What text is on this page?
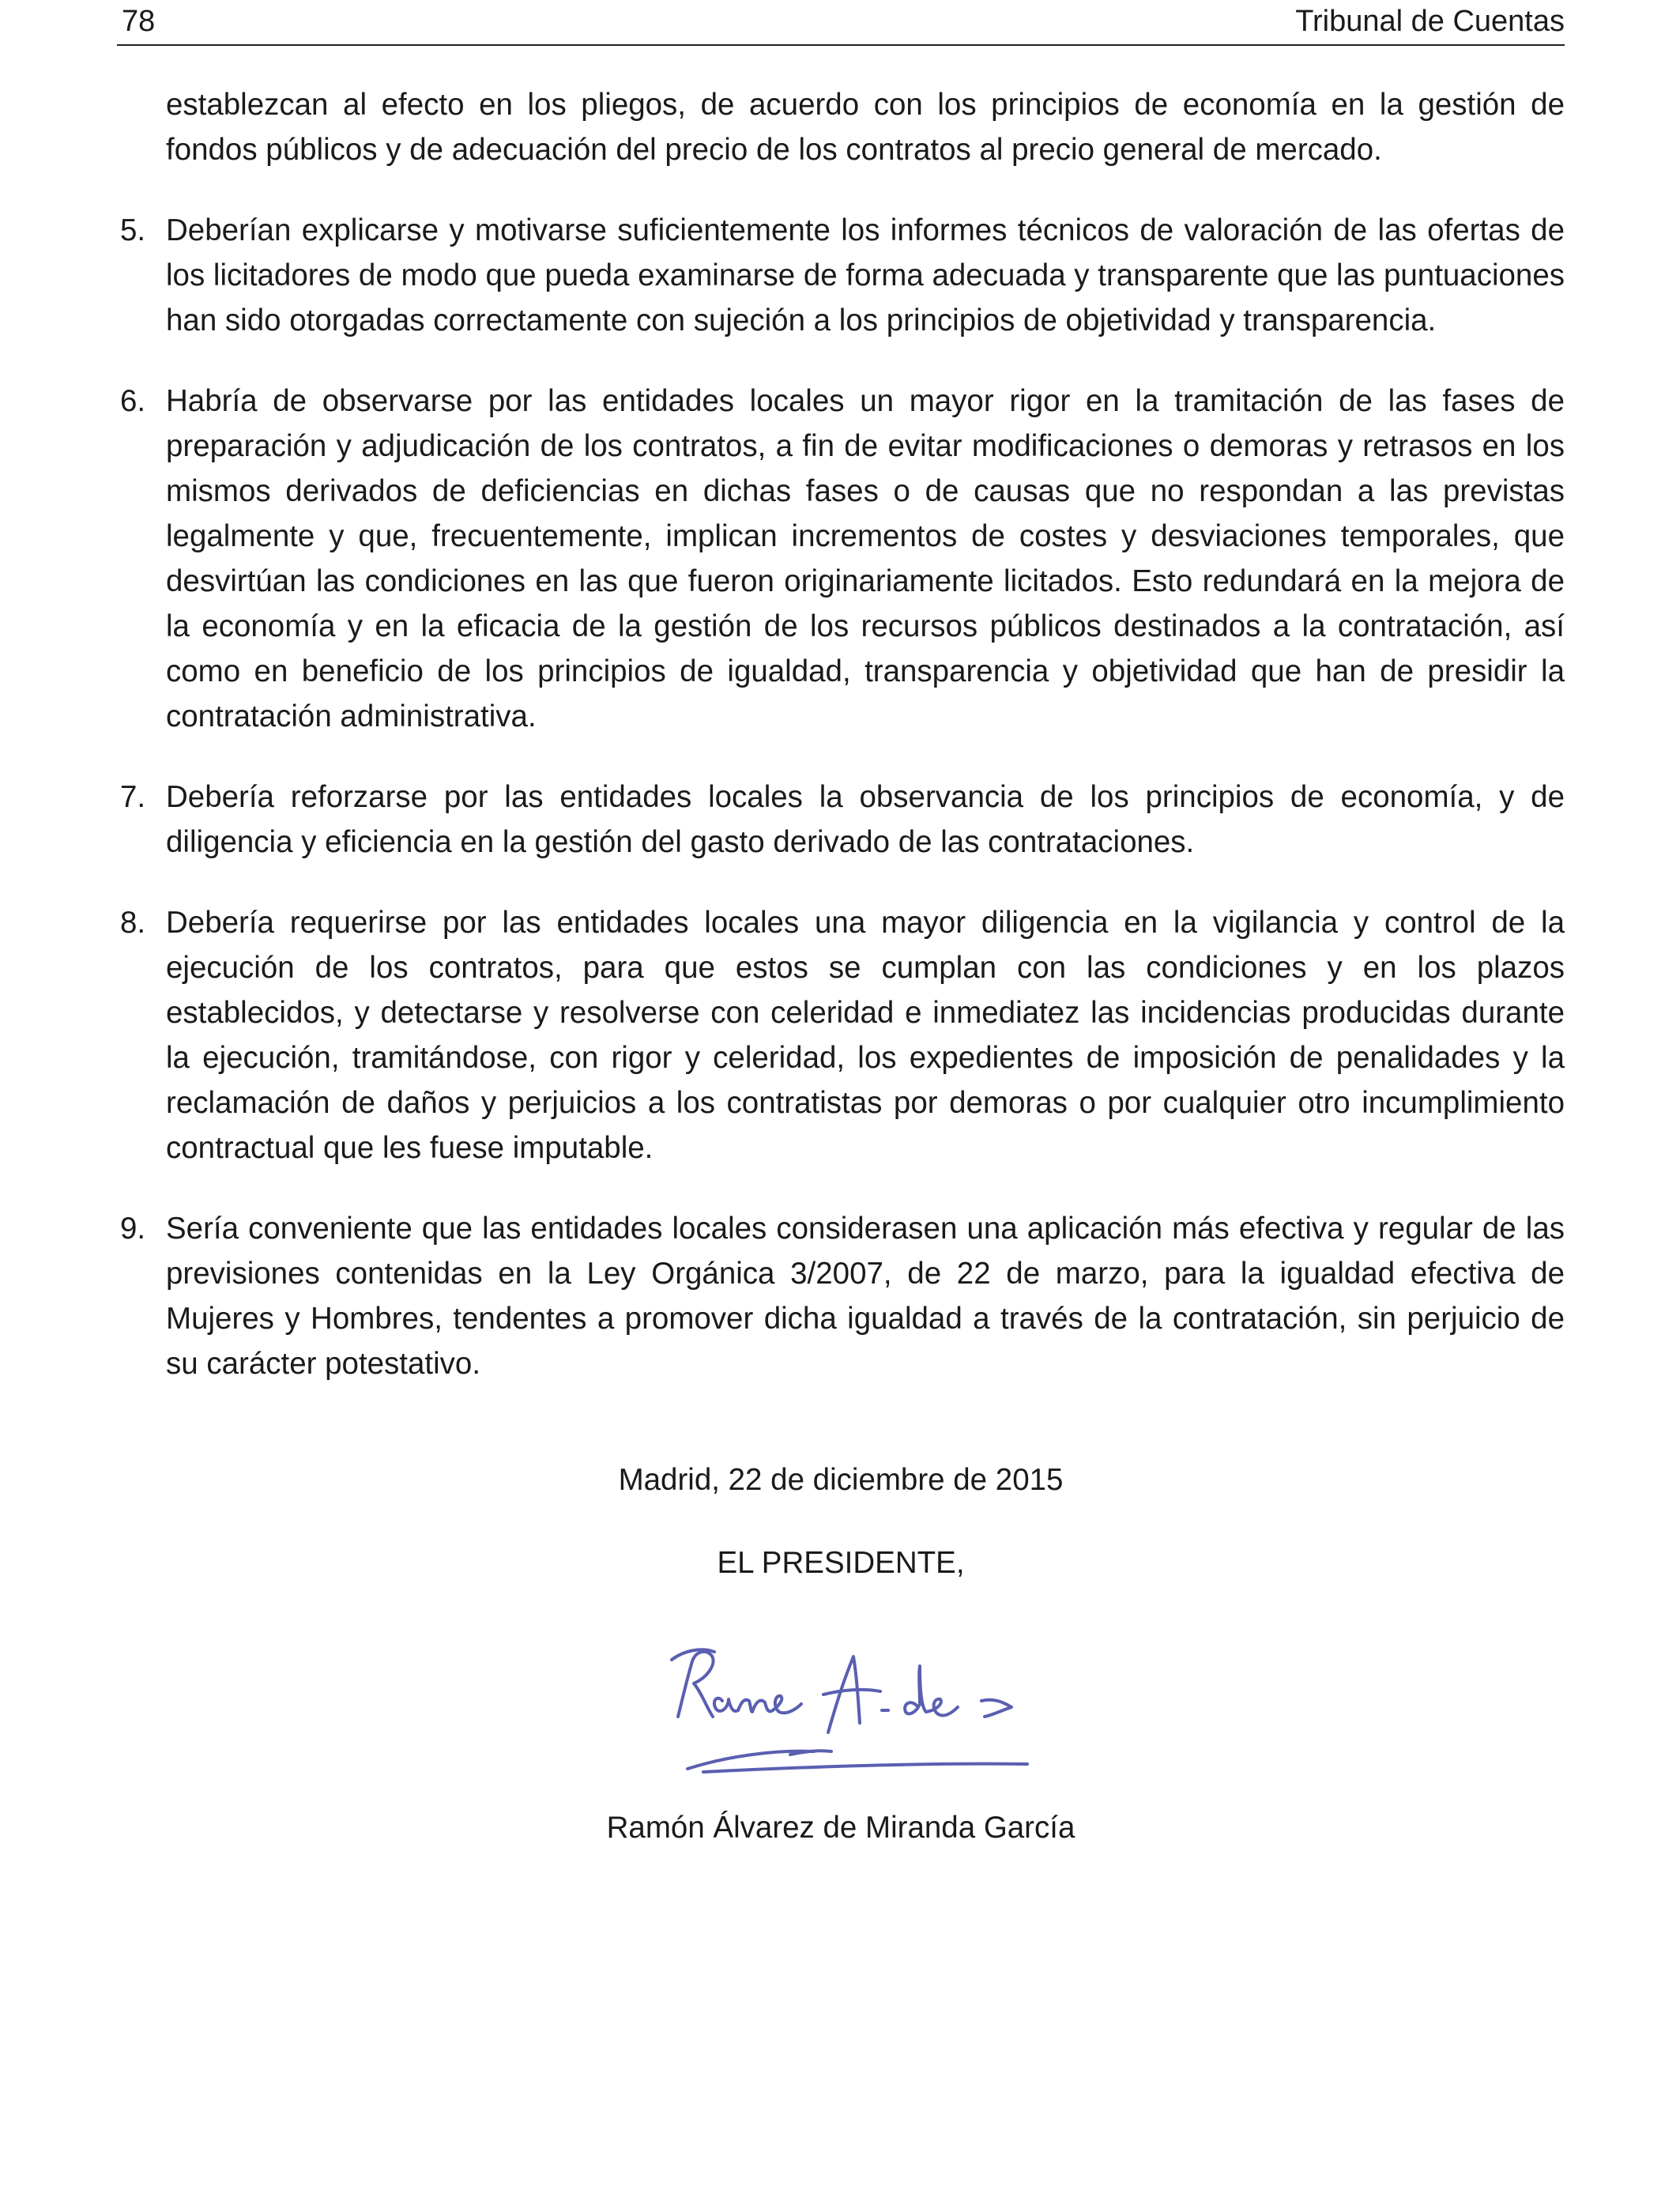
78	Tribunal de Cuentas

establezcan al efecto en los pliegos, de acuerdo con los principios de economía en la gestión de fondos públicos y de adecuación del precio de los contratos al precio general de mercado.

5. Deberían explicarse y motivarse suficientemente los informes técnicos de valoración de las ofertas de los licitadores de modo que pueda examinarse de forma adecuada y transparente que las puntuaciones han sido otorgadas correctamente con sujeción a los principios de objetividad y transparencia.
6. Habría de observarse por las entidades locales un mayor rigor en la tramitación de las fases de preparación y adjudicación de los contratos, a fin de evitar modificaciones o demoras y retrasos en los mismos derivados de deficiencias en dichas fases o de causas que no respondan a las previstas legalmente y que, frecuentemente, implican incrementos de costes y desviaciones temporales, que desvirtúan las condiciones en las que fueron originariamente licitados. Esto redundará en la mejora de la economía y en la eficacia de la gestión de los recursos públicos destinados a la contratación, así como en beneficio de los principios de igualdad, transparencia y objetividad que han de presidir la contratación administrativa.
7. Debería reforzarse por las entidades locales la observancia de los principios de economía, y de diligencia y eficiencia en la gestión del gasto derivado de las contrataciones.
8. Debería requerirse por las entidades locales una mayor diligencia en la vigilancia y control de la ejecución de los contratos, para que estos se cumplan con las condiciones y en los plazos establecidos, y detectarse y resolverse con celeridad e inmediatez las incidencias producidas durante la ejecución, tramitándose, con rigor y celeridad, los expedientes de imposición de penalidades y la reclamación de daños y perjuicios a los contratistas por demoras o por cualquier otro incumplimiento contractual que les fuese imputable.
9. Sería conveniente que las entidades locales considerasen una aplicación más efectiva y regular de las previsiones contenidas en la Ley Orgánica 3/2007, de 22 de marzo, para la igualdad efectiva de Mujeres y Hombres, tendentes a promover dicha igualdad a través de la contratación, sin perjuicio de su carácter potestativo.
Madrid, 22 de diciembre de 2015
EL PRESIDENTE,
Ramón Álvarez de Miranda García
